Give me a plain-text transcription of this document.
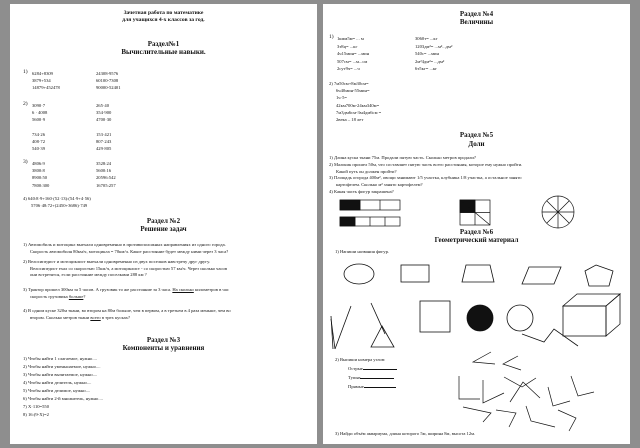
Зачетная работа по математике
для учащихся 4-х классов за год.
Раздел№1
Вычислительные навыки.
1) 6284+8309
3879+534
14879+452478
24308-9576
60100-7308
90000-52401
2) 3090·7
6 · 4008
5600·9
734·26
408·72
540·39
265·40
354·900
4700·30
153·421
807·243
429·805
3) 4806:9
3800:8
8900:50
7800:300
3528:24
5600:16
20596:542
16705:257
4) 640:8·9+160·(52·13):(54·9+4·56)
5706·48:72+(2450+3686)·749
Раздел №2
Решение задач
1) Автомобиль и мотоцикл выехали одновременно в противоположных направлениях из одного города.
Скорость автомобиля 80км/ч, мотоцикла = 70км/ч. Какое расстояние будет между ними через 3 часа?
2) Велосипедист и мотоциклист выехали одновременно из двух поселков навстречу друг другу.
Велосипедист ехал со скоростью 15км/ч, а мотоциклист - со скоростью 57 км/ч. Через сколько часов
они встретятся, если расстояние между поселками 288 км ?
3) Трактор прошел 300км за 5 часов. А грузовик то же расстояние за 3 часа. На сколько километров в час
скорость грузовика больше?
4) В одном куске 320м ткани, во втором на 80м больше, чем в первом, а в третьем в 4 раза меньше, чем во
втором. Сколько метров ткани всего в трех кусках?
Раздел №3
Компоненты и уравнения
1) Чтобы найти 1 слагаемое, нужно....
2) Чтобы найти уменьшаемое, нужно....
3) Чтобы найти вычитаемое, нужно....
4) Чтобы найти делитель, нужно....
5) Чтобы найти делимое, нужно....
6) Чтобы найти 2-й множитель, нужно....
7) Х·110=550
8) 16:(9-Х)=2
Раздел №4
Величины
1) 1кмм5м= ... м
3т8ц= ...кг
4ч15мин= ...мин
507см= ...м...см
2сут9ч= ...ч
3060т= ...кг
1203дм²= ...м²...дм²
540с= ...мин
2м²4дм²= ...дм²
6т5кг= ...кг
2) 7м50см+8м30см=
6ч40мин-55мин=
1ч·5=
42км700м-24км340м=
7м3дм6см-3м4дм6см =
2века – 18 лет
Раздел №5
Доли
1) Длина куска ткани 75м. Продали пятую часть. Сколько метров продали?
2) Мальчик прошел 50м, что составляет пятую часть всего расстояния, которое ему нужно пройти.
Какой путь он должен пройти?
3) Площадь огорода 400м², овощи занимают 1/5 участка, клубника 1/8 участка, а остальное занято
картофелем. Сколько м² занято картофелем?
4) Какая часть фигур закрашена?
Раздел №6
Геометрический материал
1) Напиши названия фигур.
2) Выпиши номера углов:
Острые
Тупые
Прямые
3) Найди объём аквариума, длина которого 5м, ширина 8м, высота 12м.
